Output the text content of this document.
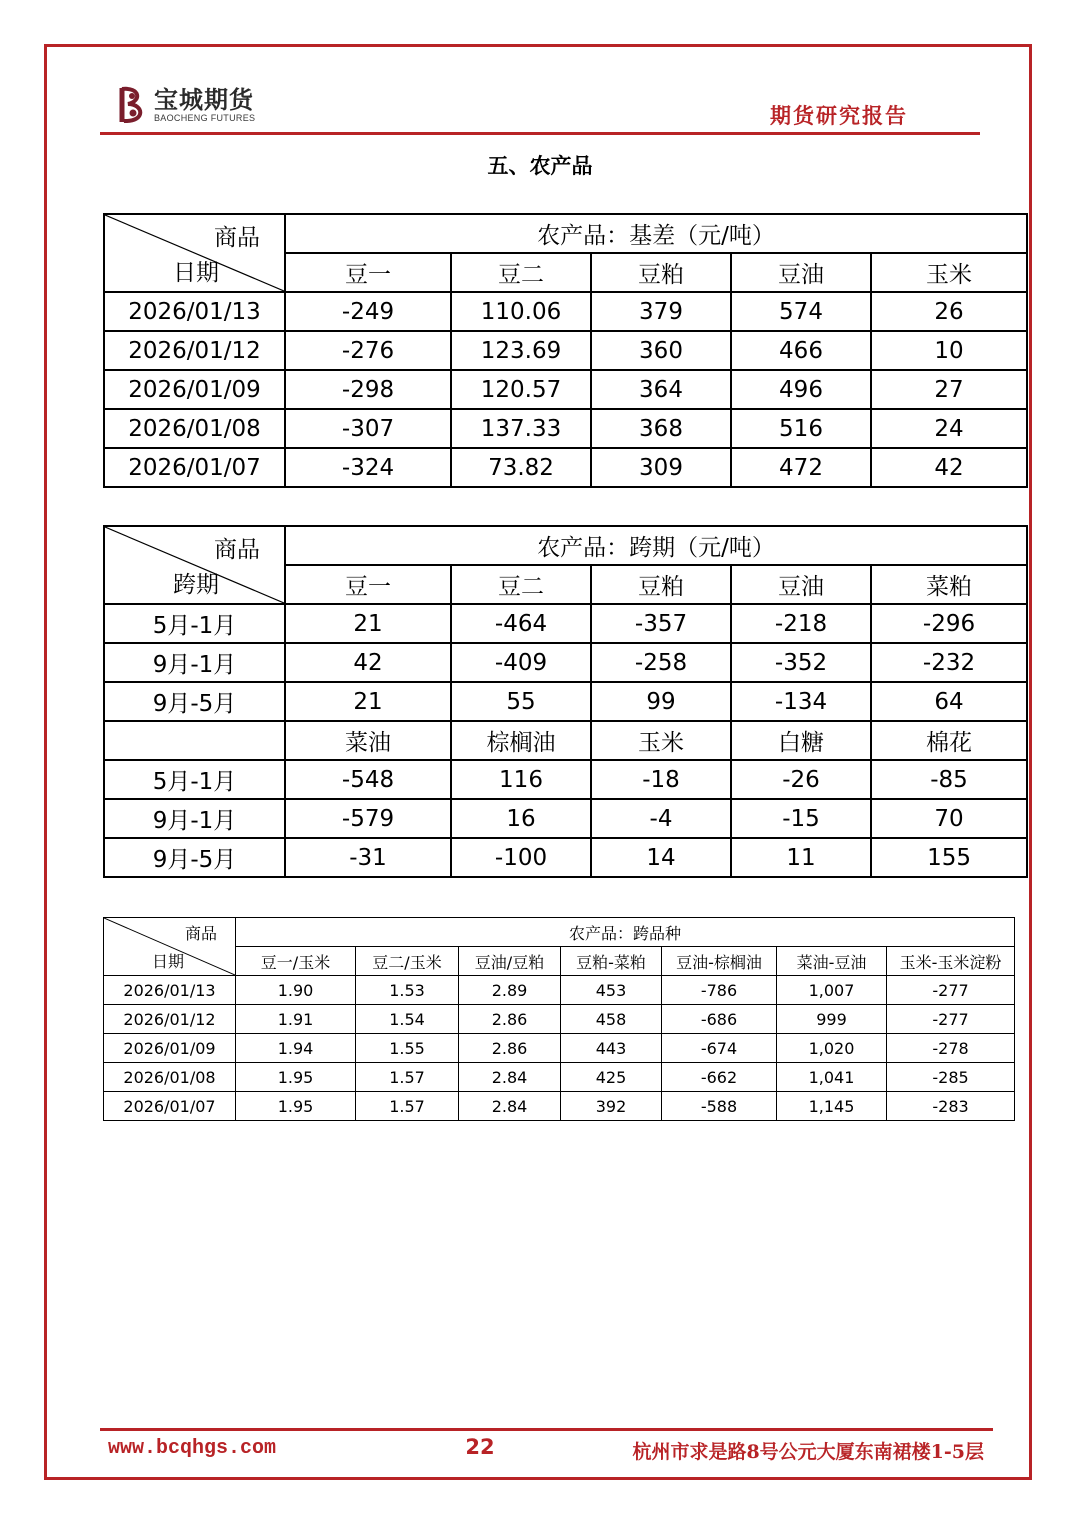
宝城期货
BAOCHENG FUTURES	期货研究报告
五、农产品
商品
日期	农产品：基差（元/吨）				
	豆一	豆二	豆粕	豆油	玉米
2026/01/13	-249	110.06	379	574	26
2026/01/12	-276	123.69	360	466	10
2026/01/09	-298	120.57	364	496	27
2026/01/08	-307	137.33	368	516	24
2026/01/07	-324	73.82	309	472	42
商品
跨期	农产品：跨期（元/吨）				
	豆一	豆二	豆粕	豆油	菜粕
5月-1月	21	-464	-357	-218	-296
9月-1月	42	-409	-258	-352	-232
9月-5月	21	55	99	-134	64
	菜油	棕榈油	玉米	白糖	棉花
5月-1月	-548	116	-18	-26	-85
9月-1月	-579	16	-4	-15	70
9月-5月	-31	-100	14	11	155
商品
日期	农产品：跨品种						
	豆一/玉米	豆二/玉米	豆油/豆粕	豆粕-菜粕	豆油-棕榈油	菜油-豆油	玉米-玉米淀粉
2026/01/13	1.90	1.53	2.89	453	-786	1,007	-277
2026/01/12	1.91	1.54	2.86	458	-686	999	-277
2026/01/09	1.94	1.55	2.86	443	-674	1,020	-278
2026/01/08	1.95	1.57	2.84	425	-662	1,041	-285
2026/01/07	1.95	1.57	2.84	392	-588	1,145	-283
www.bcqhgs.com	22	杭州市求是路8号公元大厦东南裙楼1-5层
